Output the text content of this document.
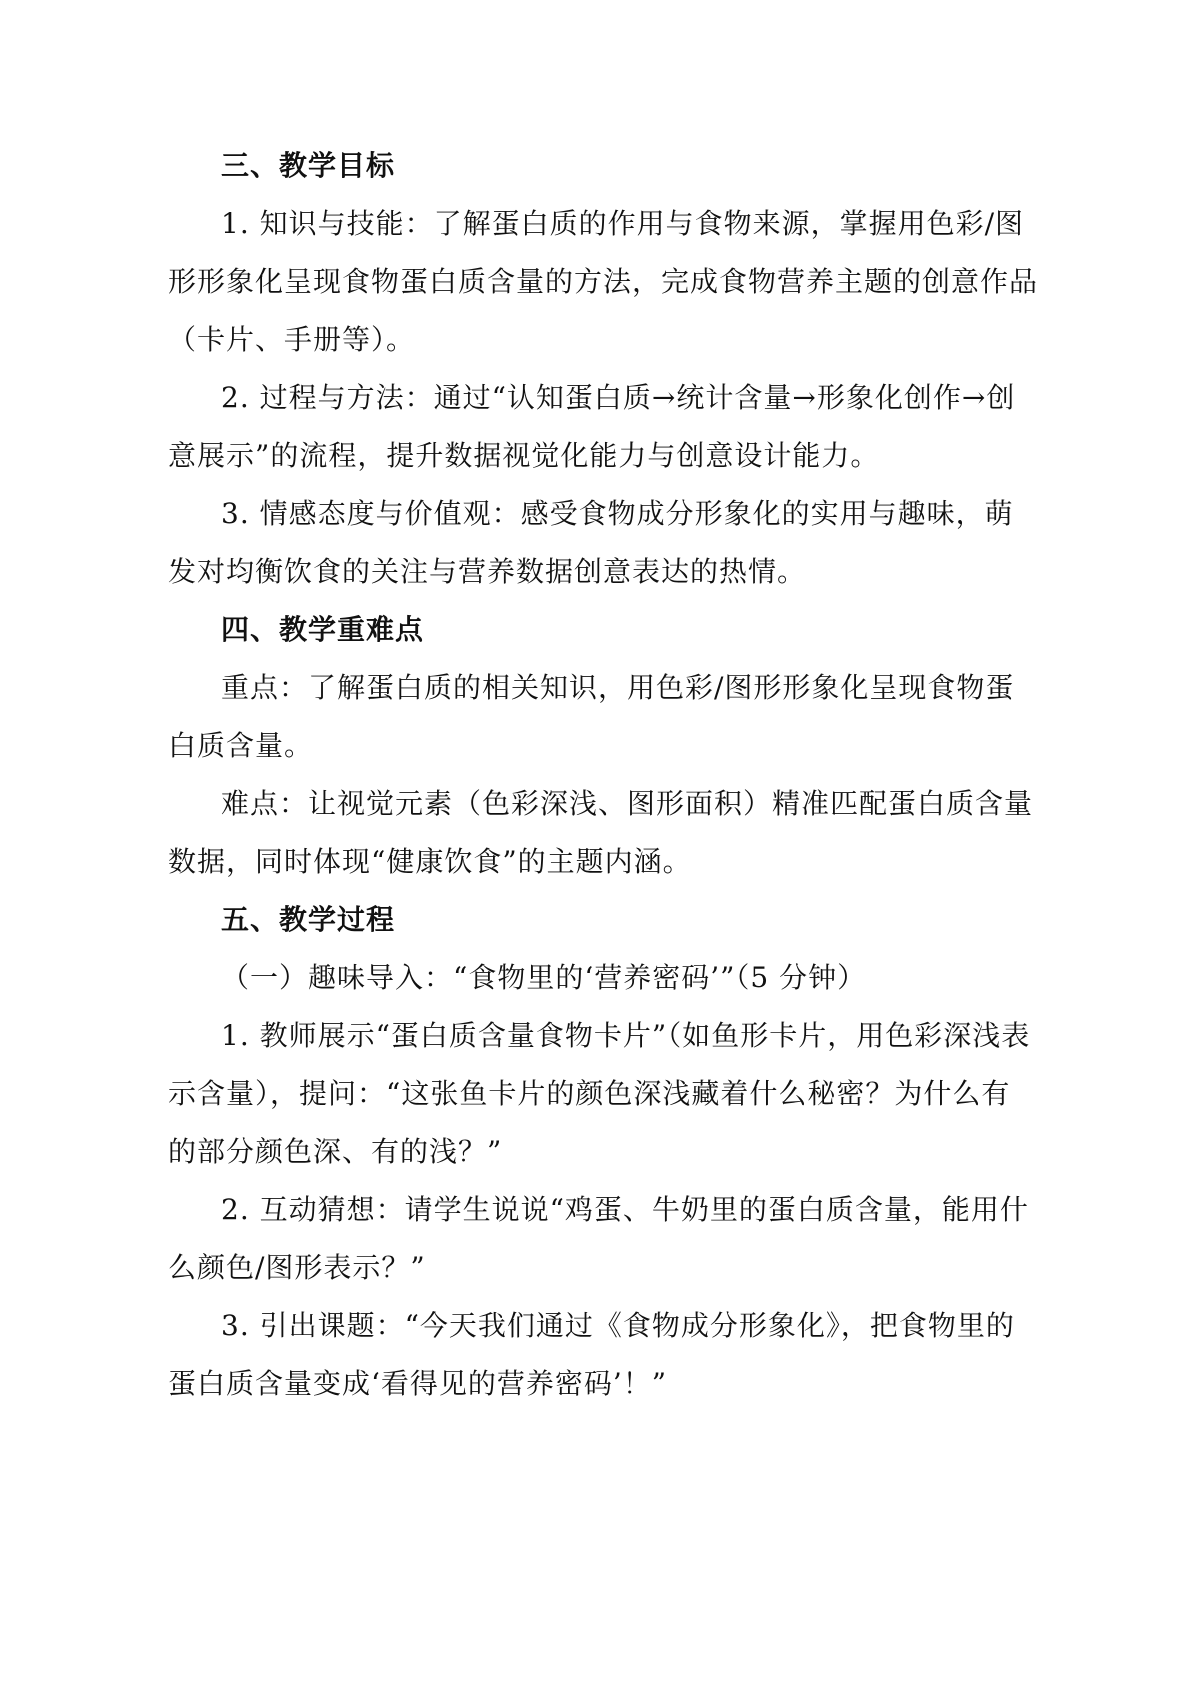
三、教学目标
1. 知识与技能：了解蛋白质的作用与食物来源，掌握用色彩/图
形形象化呈现食物蛋白质含量的方法，完成食物营养主题的创意作品
（卡片、手册等）。
2. 过程与方法：通过“认知蛋白质→统计含量→形象化创作→创
意展示”的流程，提升数据视觉化能力与创意设计能力。
3. 情感态度与价值观：感受食物成分形象化的实用与趣味，萌
发对均衡饮食的关注与营养数据创意表达的热情。
四、教学重难点
重点：了解蛋白质的相关知识，用色彩/图形形象化呈现食物蛋
白质含量。
难点：让视觉元素（色彩深浅、图形面积）精准匹配蛋白质含量
数据，同时体现“健康饮食”的主题内涵。
五、教学过程
（一）趣味导入：“食物里的‘营养密码’”（5 分钟）
1. 教师展示“蛋白质含量食物卡片”（如鱼形卡片，用色彩深浅表
示含量），提问：“这张鱼卡片的颜色深浅藏着什么秘密？为什么有
的部分颜色深、有的浅？”
2. 互动猜想：请学生说说“鸡蛋、牛奶里的蛋白质含量，能用什
么颜色/图形表示？”
3. 引出课题：“今天我们通过《食物成分形象化》，把食物里的
蛋白质含量变成‘看得见的营养密码’！”
